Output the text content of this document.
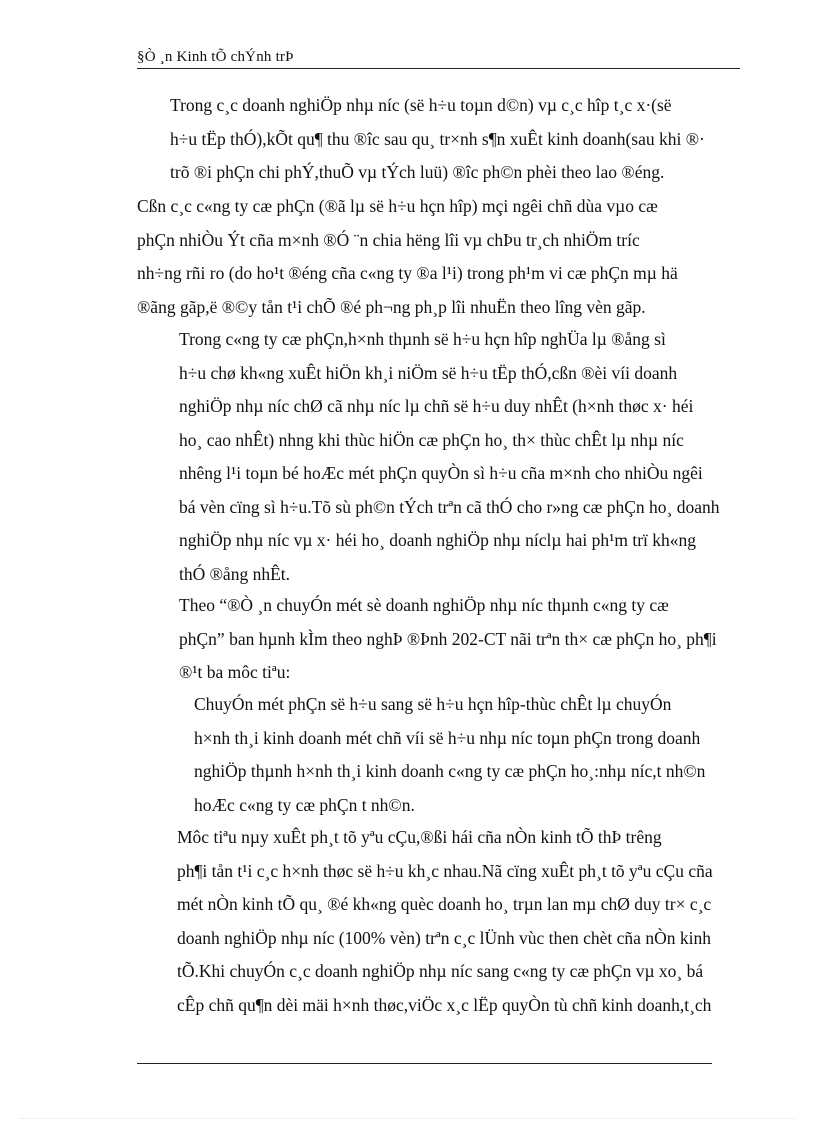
§Ò ¸n Kinh tÕ chÝnh trÞ

Trong c¸c doanh nghiÖp nhµ níc (së h÷u toµn d©n) vµ c¸c hîp t¸c x·(së
h÷u tËp thÓ),kÕt qu¶ thu ®îc sau qu¸ tr×nh s¶n xuÊt kinh doanh(sau khi ®·
trõ ®i phÇn chi phÝ,thuÕ vµ tÝch luü) ®îc ph©n phèi theo lao ®éng.

Cßn c¸c c«ng ty cæ phÇn (®ã lµ së h÷u hçn hîp) mçi ngêi chñ dùa vµo cæ
phÇn nhiÒu Ýt cña m×nh ®Ó ¨n chia hëng lîi vµ chÞu tr¸ch nhiÖm tríc
nh÷ng rñi ro (do ho¹t ®éng cña c«ng ty ®a l¹i) trong ph¹m vi cæ phÇn mµ hä
®ãng gãp,ë ®©y tån t¹i chÕ ®é ph¬ng ph¸p lîi nhuËn theo lîng vèn gãp.

Trong c«ng ty cæ phÇn,h×nh thµnh së h÷u hçn hîp nghÜa lµ ®ång sì
h÷u chø kh«ng xuÊt hiÖn kh¸i niÖm së h÷u tËp thÓ,cßn ®èi víi doanh
nghiÖp nhµ níc chØ cã nhµ níc lµ chñ së h÷u duy nhÊt (h×nh thøc x· héi
ho¸ cao nhÊt) nhng khi thùc hiÖn cæ phÇn ho¸ th× thùc chÊt lµ nhµ níc
nhêng l¹i toµn bé hoÆc mét phÇn quyÒn sì h÷u cña m×nh cho nhiÒu ngêi
bá vèn cïng sì h÷u.Tõ sù ph©n tÝch trªn cã thÓ cho r»ng cæ phÇn ho¸ doanh
nghiÖp nhµ níc vµ x· héi ho¸ doanh nghiÖp nhµ níclµ hai ph¹m trï kh«ng
thÓ ®ång nhÊt.

Theo “®Ò ¸n chuyÓn mét sè doanh nghiÖp nhµ níc thµnh c«ng ty cæ
phÇn” ban hµnh kÌm theo nghÞ ®Þnh 202-CT nãi trªn th× cæ phÇn ho¸ ph¶i
®¹t ba môc tiªu:

ChuyÓn mét phÇn së h÷u sang së h÷u hçn hîp-thùc chÊt lµ chuyÓn
h×nh th¸i kinh doanh mét chñ víi së h÷u nhµ níc toµn phÇn trong doanh
nghiÖp thµnh h×nh th¸i kinh doanh c«ng ty cæ phÇn ho¸:nhµ níc,t nh©n
hoÆc c«ng ty cæ phÇn t nh©n.

Môc tiªu nµy xuÊt ph¸t tõ yªu cÇu,®ßi hái cña nÒn kinh tÕ thÞ trêng
ph¶i tån t¹i c¸c h×nh thøc së h÷u kh¸c nhau.Nã cïng xuÊt ph¸t tõ yªu cÇu cña
mét nÒn kinh tÕ qu¸ ®é kh«ng quèc doanh ho¸ trµn lan mµ chØ duy tr× c¸c
doanh nghiÖp nhµ níc (100% vèn) trªn c¸c lÜnh vùc then chèt cña nÒn kinh
tÕ.Khi chuyÓn c¸c doanh nghiÖp nhµ níc sang c«ng ty cæ phÇn vµ xo¸ bá
cÊp chñ qu¶n dèi mäi h×nh thøc,viÖc x¸c lËp quyÒn tù chñ kinh doanh,t¸ch
